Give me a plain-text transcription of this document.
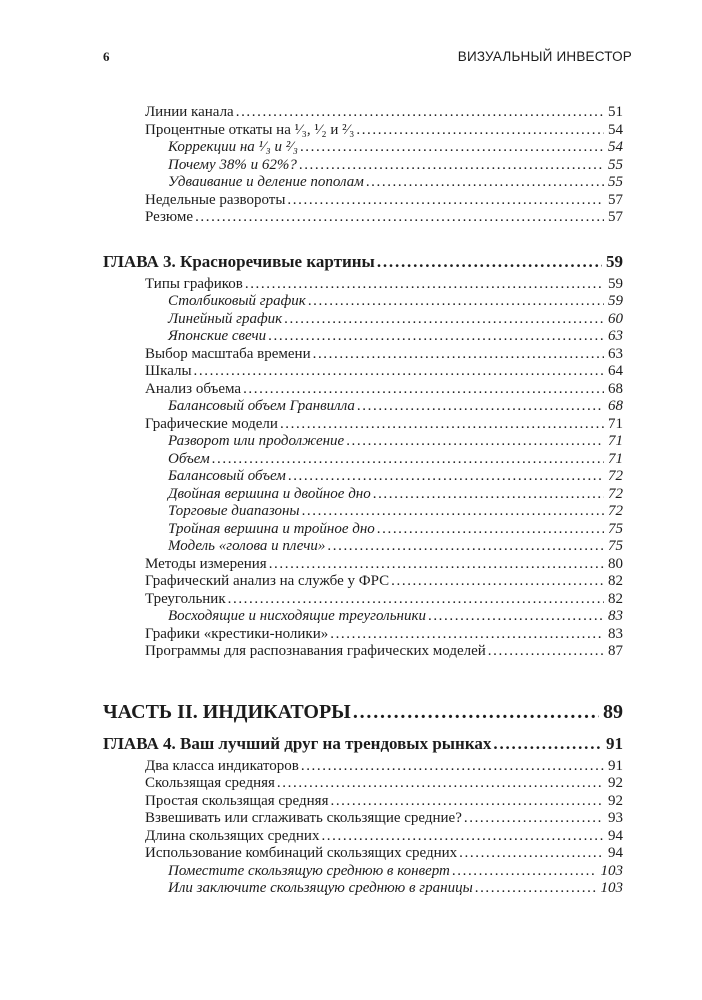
6	ВИЗУАЛЬНЫЙ ИНВЕСТОР
Линии канала .....	51
Процентные откаты на ¹⁄₃, ¹⁄₂ и ²⁄₃ .....	54
Коррекции на ¹⁄₃ и ²⁄₃ .....	54
Почему 38% и 62%? .....	55
Удваивание и деление пополам .....	55
Недельные развороты .....	57
Резюме .....	57
ГЛАВА 3. Красноречивые картины .....	59
Типы графиков .....	59
Столбиковый график .....	59
Линейный график .....	60
Японские свечи .....	63
Выбор масштаба времени .....	63
Шкалы .....	64
Анализ объема .....	68
Балансовый объем Гранвилла .....	68
Графические модели .....	71
Разворот или продолжение .....	71
Объем .....	71
Балансовый объем .....	72
Двойная вершина и двойное дно .....	72
Торговые диапазоны .....	72
Тройная вершина и тройное дно .....	75
Модель «голова и плечи» .....	75
Методы измерения .....	80
Графический анализ на службе у ФРС .....	82
Треугольник .....	82
Восходящие и нисходящие треугольники .....	83
Графики «крестики-нолики» .....	83
Программы для распознавания графических моделей .....	87
ЧАСТЬ II. ИНДИКАТОРЫ .....	89
ГЛАВА 4. Ваш лучший друг на трендовых рынках .....	91
Два класса индикаторов .....	91
Скользящая средняя .....	92
Простая скользящая средняя .....	92
Взвешивать или сглаживать скользящие средние? .....	93
Длина скользящих средних .....	94
Использование комбинаций скользящих средних .....	94
Поместите скользящую среднюю в конверт .....	103
Или заключите скользящую среднюю в границы .....	103
